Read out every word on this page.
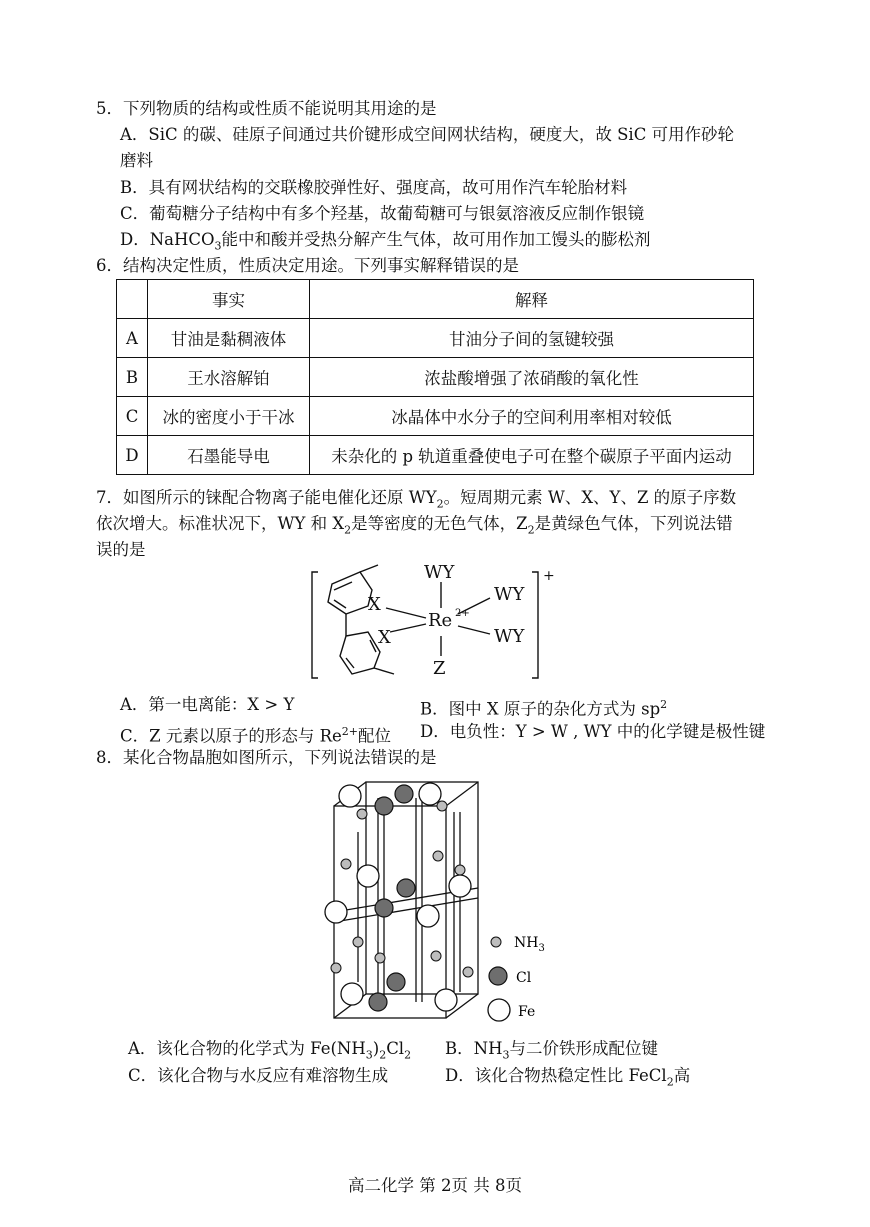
5．下列物质的结构或性质不能说明其用途的是
A．SiC 的碳、硅原子间通过共价键形成空间网状结构，硬度大，故 SiC 可用作砂轮
磨料
B．具有网状结构的交联橡胶弹性好、强度高，故可用作汽车轮胎材料
C．葡萄糖分子结构中有多个羟基，故葡萄糖可与银氨溶液反应制作银镜
D．NaHCO$_3$能中和酸并受热分解产生气体，故可用作加工馒头的膨松剂
6．结构决定性质，性质决定用途。下列事实解释错误的是
	事实	解释
A	甘油是黏稠液体	甘油分子间的氢键较强
B	王水溶解铂	浓盐酸增强了浓硝酸的氧化性
C	冰的密度小于干冰	冰晶体中水分子的空间利用率相对较低
D	石墨能导电	未杂化的 p 轨道重叠使电子可在整个碳原子平面内运动
7．如图所示的铼配合物离子能电催化还原 $WY_2$。短周期元素 W、X、Y、Z 的原子序数
依次增大。标准状况下，WY 和 $X_2$是等密度的无色气体，$Z_2$是黄绿色气体，下列说法错
误的是
WY
WY
WY
X
X
Re 2+
Z
+
A．第一电离能：X > Y	B．图中 X 原子的杂化方式为 $sp^2$
C．Z 元素以原子的形态与 $Re^{2+}$配位 D．电负性：Y > W , WY 中的化学键是极性键
8．某化合物晶胞如图所示，下列说法错误的是
$NH_3$
Cl
Fe
A．该化合物的化学式为 $Fe(NH_3)_2Cl_2$ B．$NH_3$与二价铁形成配位键
C．该化合物与水反应有难溶物生成	D．该化合物热稳定性比 FeCl$_2$高
高二化学 第 2页 共 8页
